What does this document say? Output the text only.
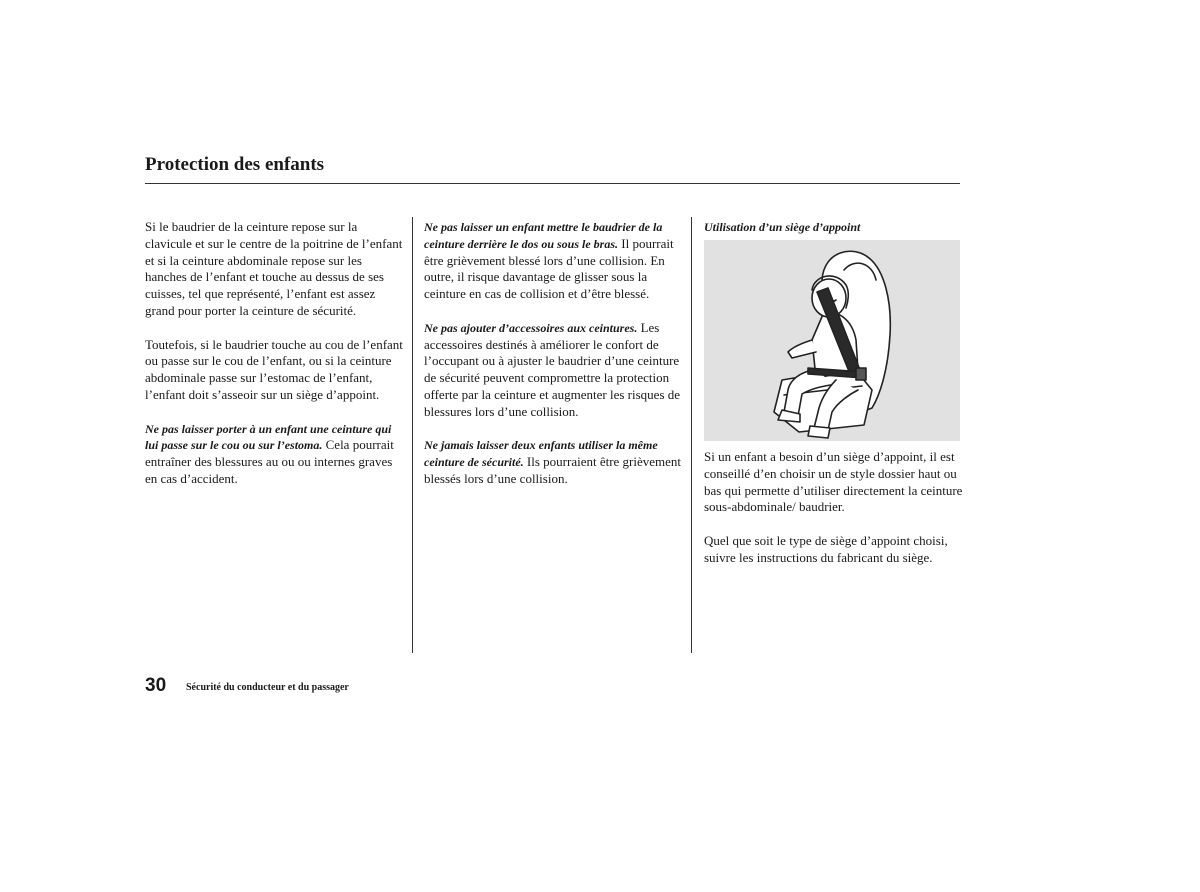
Protection des enfants

Si le baudrier de la ceinture repose sur la clavicule et sur le centre de la poitrine de l’enfant et si la ceinture abdominale repose sur les hanches de l’enfant et touche au dessus de ses cuisses, tel que représenté, l’enfant est assez grand pour porter la ceinture de sécurité.

Toutefois, si le baudrier touche au cou de l’enfant ou passe sur le cou de l’enfant, ou si la ceinture abdominale passe sur l’estomac de l’enfant, l’enfant doit s’asseoir sur un siège d’appoint.

Ne pas laisser porter à un enfant une ceinture qui lui passe sur le cou ou sur l’estoma. Cela pourrait entraîner des blessures au ou ou internes graves en cas d’accident.

Ne pas laisser un enfant mettre le baudrier de la ceinture derrière le dos ou sous le bras. Il pourrait être grièvement blessé lors d’une collision. En outre, il risque davantage de glisser sous la ceinture en cas de collision et d’être blessé.

Ne pas ajouter d’accessoires aux ceintures. Les accessoires destinés à améliorer le confort de l’occupant ou à ajuster le baudrier d’une ceinture de sécurité peuvent compromettre la protection offerte par la ceinture et augmenter les risques de blessures lors d’une collision.

Ne jamais laisser deux enfants utiliser la même ceinture de sécurité. Ils pourraient être grièvement blessés lors d’une collision.

Utilisation d’un siège d’appoint

Si un enfant a besoin d’un siège d’appoint, il est conseillé d’en choisir un de style dossier haut ou bas qui permette d’utiliser directement la ceinture sous-abdominale/ baudrier.

Quel que soit le type de siège d’appoint choisi, suivre les instructions du fabricant du siège.

30 Sécurité du conducteur et du passager
